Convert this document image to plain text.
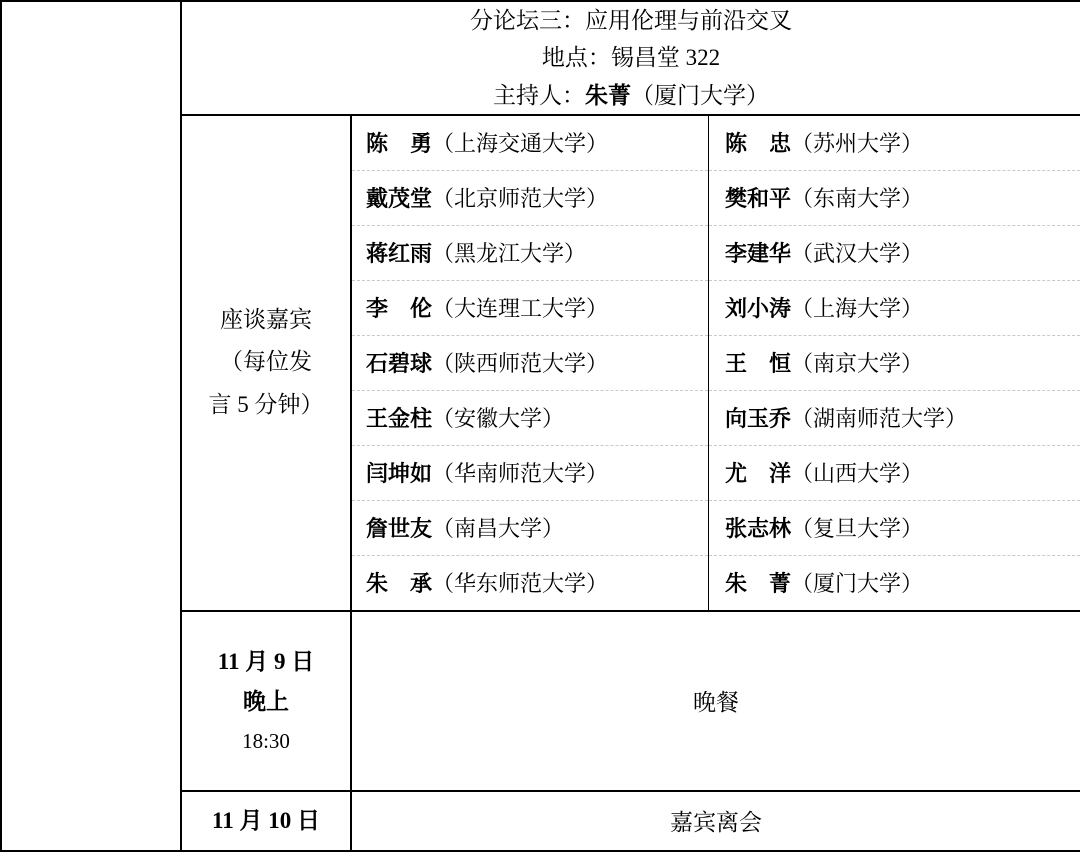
分论坛三：应用伦理与前沿交叉
地点：锡昌堂 322
主持人：朱菁（厦门大学）

座谈嘉宾
（每位发
言 5 分钟）

陈　勇（上海交通大学）	陈　忠（苏州大学）
戴茂堂（北京师范大学）	樊和平（东南大学）
蒋红雨（黑龙江大学）	李建华（武汉大学）
李　伦（大连理工大学）	刘小涛（上海大学）
石碧球（陕西师范大学）	王　恒（南京大学）
王金柱（安徽大学）	向玉乔（湖南师范大学）
闫坤如（华南师范大学）	尤　洋（山西大学）
詹世友（南昌大学）	张志林（复旦大学）
朱　承（华东师范大学）	朱　菁（厦门大学）

11 月 9 日
晚上
18:30
	晚餐
11 月 10 日	嘉宾离会
